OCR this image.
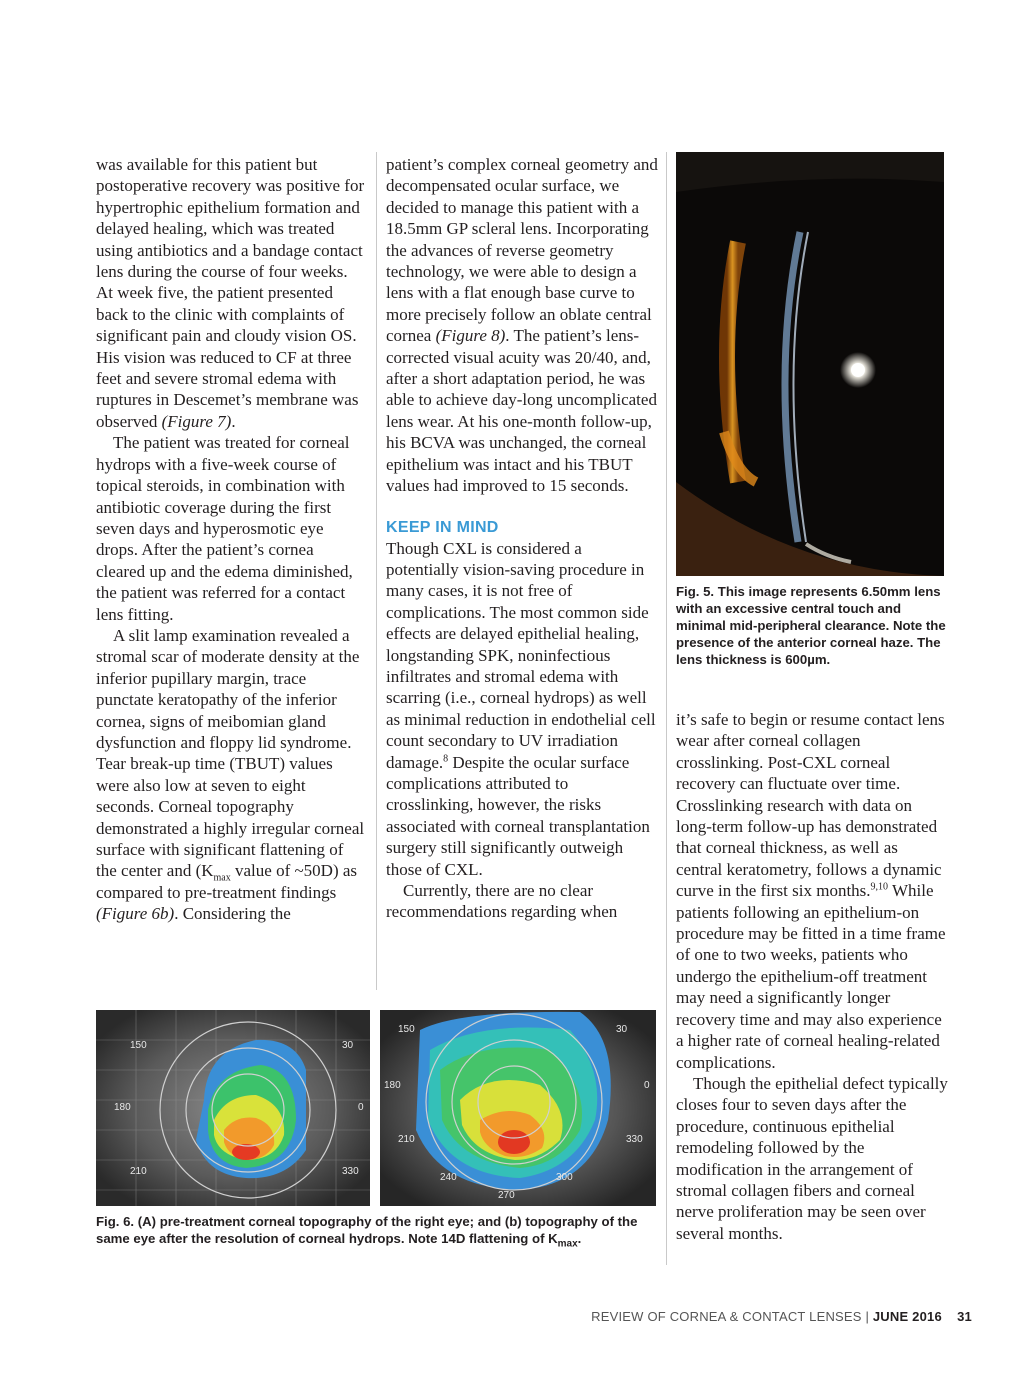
was available for this patient but postoperative recovery was positive for hypertrophic epithelium formation and delayed healing, which was treated using antibiotics and a bandage contact lens during the course of four weeks. At week five, the patient presented back to the clinic with complaints of significant pain and cloudy vision OS. His vision was reduced to CF at three feet and severe stromal edema with ruptures in Descemet’s membrane was observed (Figure 7).

The patient was treated for corneal hydrops with a five-week course of topical steroids, in combination with antibiotic coverage during the first seven days and hyperosmotic eye drops. After the patient’s cornea cleared up and the edema diminished, the patient was referred for a contact lens fitting.

A slit lamp examination revealed a stromal scar of moderate density at the inferior pupillary margin, trace punctate keratopathy of the inferior cornea, signs of meibomian gland dysfunction and floppy lid syndrome. Tear break-up time (TBUT) values were also low at seven to eight seconds. Corneal topography demonstrated a highly irregular corneal surface with significant flattening of the center and ($K_{max}$ value of ~50D) as compared to pre-treatment findings (Figure 6b). Considering the

patient’s complex corneal geometry and decompensated ocular surface, we decided to manage this patient with a 18.5mm GP scleral lens. Incorporating the advances of reverse geometry technology, we were able to design a lens with a flat enough base curve to more precisely follow an oblate central cornea (Figure 8). The patient’s lens-corrected visual acuity was 20/40, and, after a short adaptation period, he was able to achieve day-long uncomplicated lens wear. At his one-month follow-up, his BCVA was unchanged, the corneal epithelium was intact and his TBUT values had improved to 15 seconds.

KEEP IN MIND

Though CXL is considered a potentially vision-saving procedure in many cases, it is not free of complications. The most common side effects are delayed epithelial healing, longstanding SPK, noninfectious infiltrates and stromal edema with scarring (i.e., corneal hydrops) as well as minimal reduction in endothelial cell count secondary to UV irradiation damage.$^8$ Despite the ocular surface complications attributed to crosslinking, however, the risks associated with corneal transplantation surgery still significantly outweigh those of CXL.

Currently, there are no clear recommendations regarding when

Fig. 5. This image represents 6.50mm lens with an excessive central touch and minimal mid-peripheral clearance. Note the presence of the anterior corneal haze. The lens thickness is 600µm.

it’s safe to begin or resume contact lens wear after corneal collagen crosslinking. Post-CXL corneal recovery can fluctuate over time. Crosslinking research with data on long-term follow-up has demonstrated that corneal thickness, as well as central keratometry, follows a dynamic curve in the first six months.$^{9,10}$ While patients following an epithelium-on procedure may be fitted in a time frame of one to two weeks, patients who undergo the epithelium-off treatment may need a significantly longer recovery time and may also experience a higher rate of corneal healing-related complications.

Though the epithelial defect typically closes four to seven days after the procedure, continuous epithelial remodeling followed by the modification in the arrangement of stromal collagen fibers and corneal nerve proliferation may be seen over several months.

150	30
180	0
210	330
150	30
180	0
210	330
240	300
270
Fig. 6. (A) pre-treatment corneal topography of the right eye; and (b) topography of the same eye after the resolution of corneal hydrops. Note 14D flattening of $K_{max}$.
REVIEW OF CORNEA & CONTACT LENSES | JUNE 2016 31
